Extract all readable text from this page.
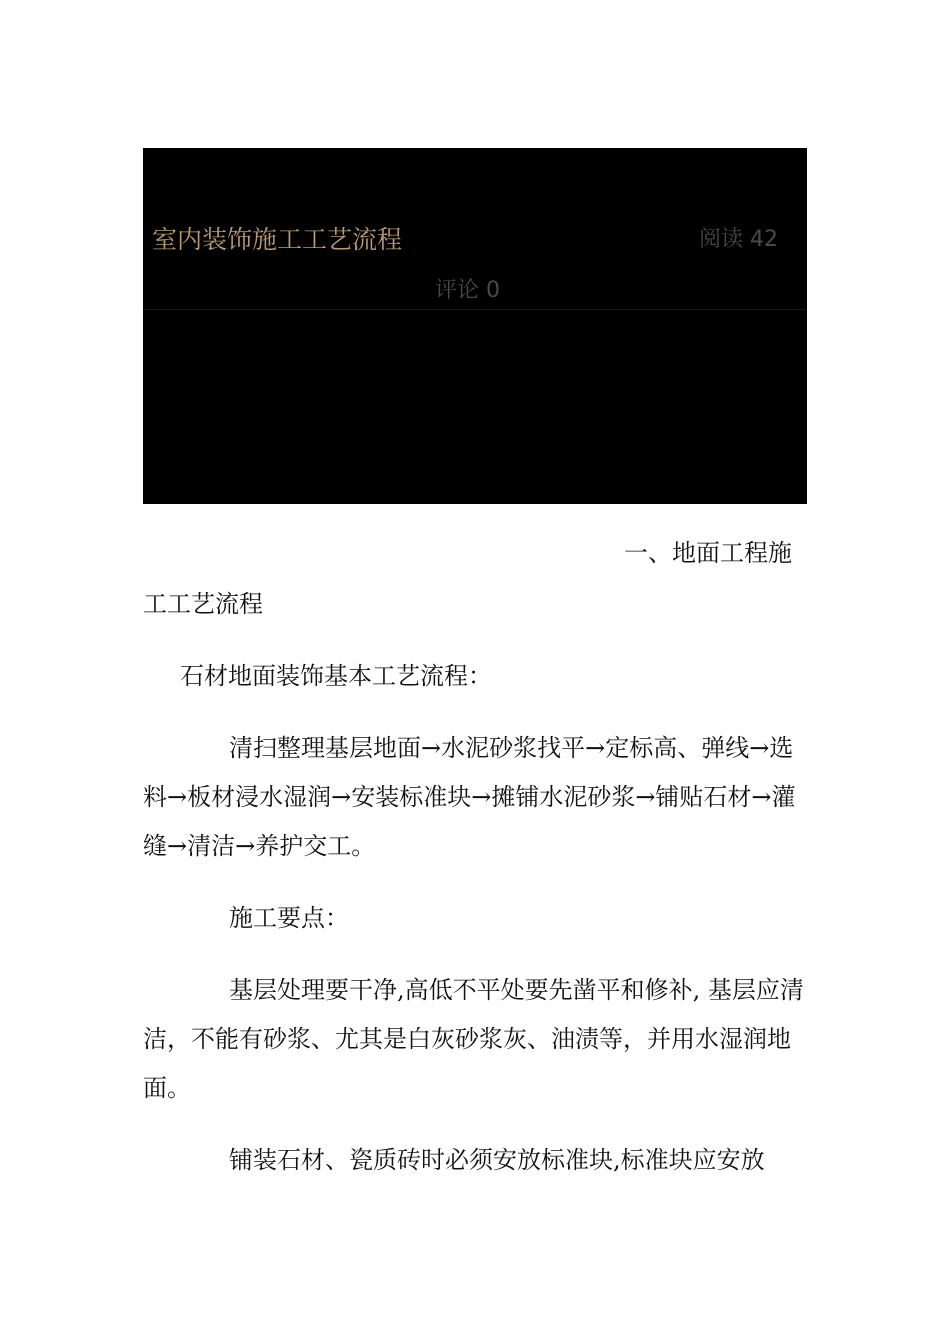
室内装饰施工工艺流程	阅读 42
评论 0
一、地面工程施

工工艺流程

石材地面装饰基本工艺流程：

清扫整理基层地面→水泥砂浆找平→定标高、弹线→选料→板材浸水湿润→安装标准块→摊铺水泥砂浆→铺贴石材→灌缝→清洁→养护交工。

施工要点：

基层处理要干净,高低不平处要先凿平和修补, 基层应清洁，不能有砂浆、尤其是白灰砂浆灰、油渍等，并用水湿润地面。

铺装石材、瓷质砖时必须安放标准块,标准块应安放
